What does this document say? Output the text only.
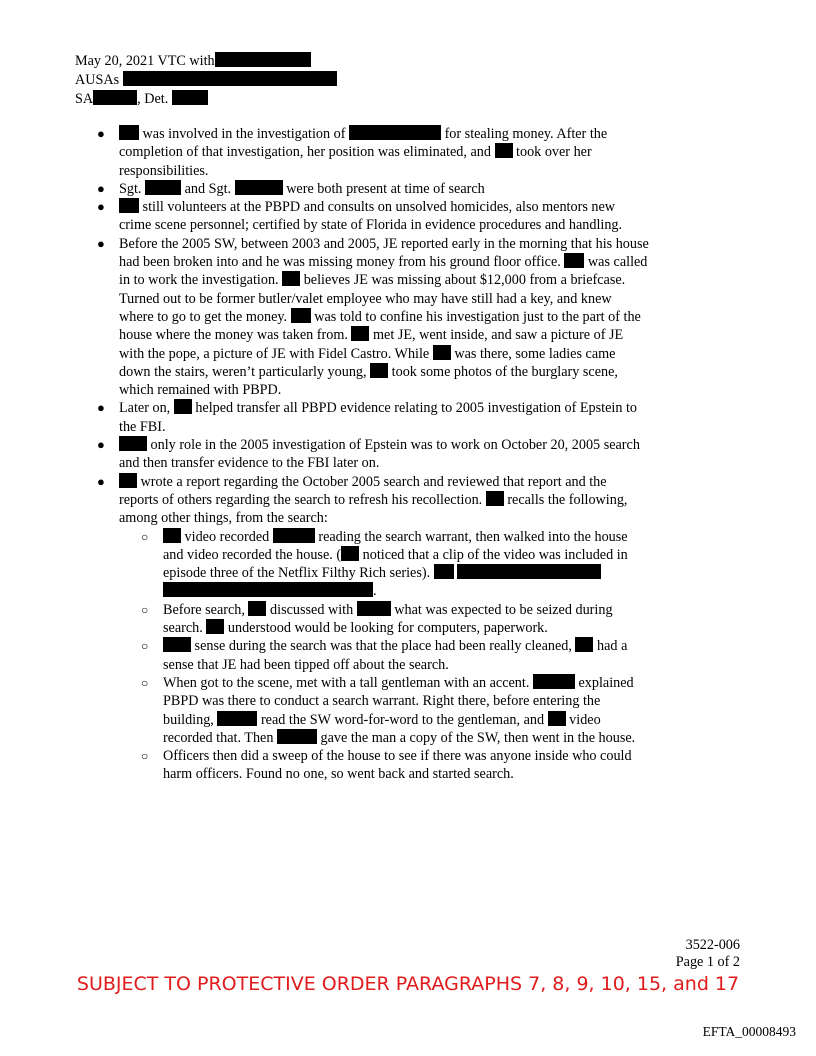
May 20, 2021 VTC with
AUSAs
SA	, Det.
●	was involved in the investigation of	for stealing money. After the completion of that investigation, her position was eliminated, and took over her responsibilities.
● Sgt.	and Sgt.	were both present at time of search
●	still volunteers at the PBPD and consults on unsolved homicides, also mentors new crime scene personnel; certified by state of Florida in evidence procedures and handling.
● Before the 2005 SW, between 2003 and 2005, JE reported early in the morning that his house had been broken into and he was missing money from his ground floor office. was called in to work the investigation. believes JE was missing about $12,000 from a briefcase. Turned out to be former butler/valet employee who may have still had a key, and knew where to go to get the money. was told to confine his investigation just to the part of the house where the money was taken from. met JE, went inside, and saw a picture of JE with the pope, a picture of JE with Fidel Castro. While was there, some ladies came down the stairs, weren’t particularly young, took some photos of the burglary scene, which remained with PBPD.
● Later on, helped transfer all PBPD evidence relating to 2005 investigation of Epstein to the FBI.
●	only role in the 2005 investigation of Epstein was to work on October 20, 2005 search and then transfer evidence to the FBI later on.
●	wrote a report regarding the October 2005 search and reviewed that report and the reports of others regarding the search to refresh his recollection. recalls the following, among other things, from the search:
○	video recorded	reading the search warrant, then walked into the house and video recorded the house. ( noticed that a clip of the video was included in episode three of the Netflix Filthy Rich series).   .
○ Before search, discussed with	what was expected to be seized during search. understood would be looking for computers, paperwork.
○	sense during the search was that the place had been really cleaned, had a sense that JE had been tipped off about the search.
○ When got to the scene, met with a tall gentleman with an accent.	explained PBPD was there to conduct a search warrant. Right there, before entering the building,	read the SW word-for-word to the gentleman, and video recorded that. Then	gave the man a copy of the SW, then went in the house.
○ Officers then did a sweep of the house to see if there was anyone inside who could harm officers. Found no one, so went back and started search.
3522-006
Page 1 of 2
SUBJECT TO PROTECTIVE ORDER PARAGRAPHS 7, 8, 9, 10, 15, and 17
EFTA_00008493
